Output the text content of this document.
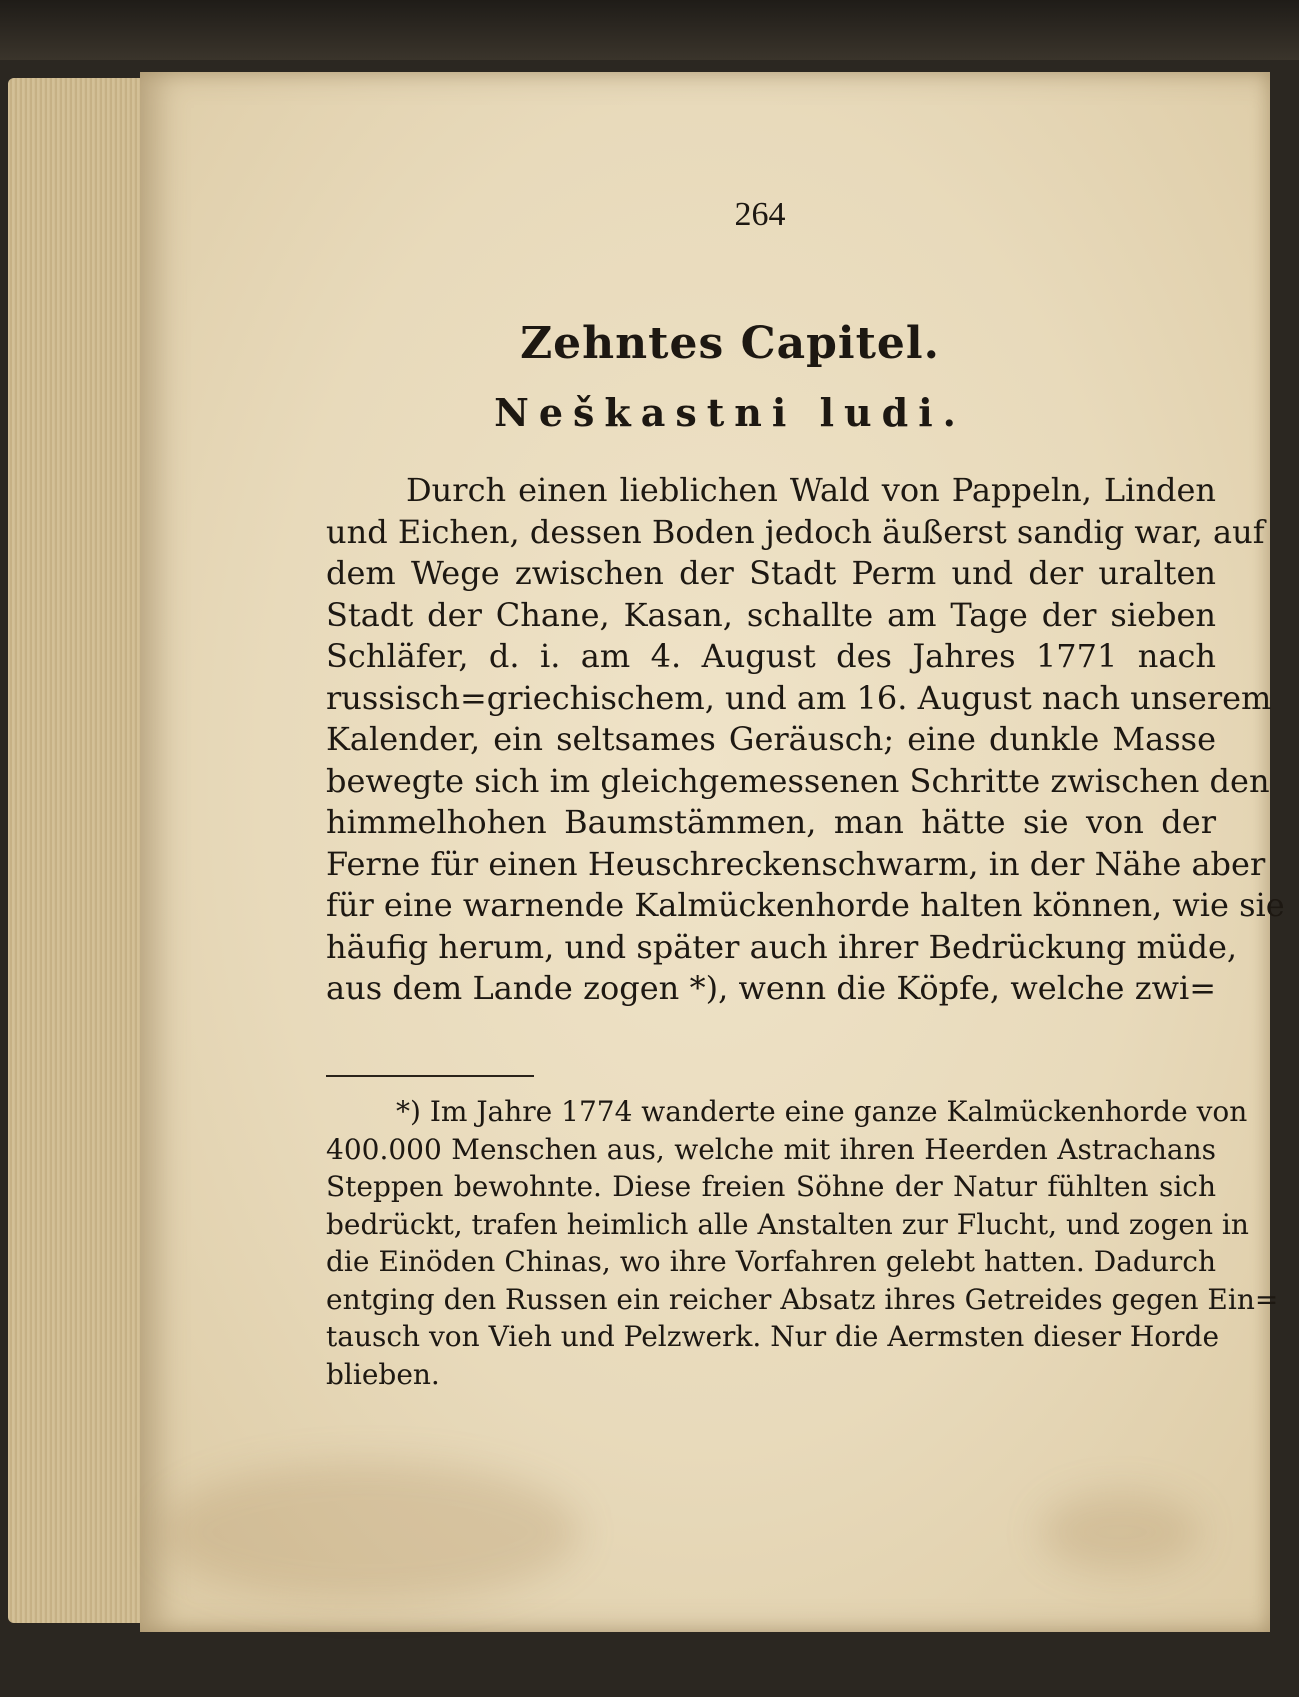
264
Zehntes Capitel.
Neškastni ludi.
Durch einen lieblichen Wald von Pappeln, Linden
und Eichen, dessen Boden jedoch äußerst sandig war, auf
dem Wege zwischen der Stadt Perm und der uralten
Stadt der Chane, Kasan, schallte am Tage der sieben
Schläfer, d. i. am 4. August des Jahres 1771 nach
russisch=griechischem, und am 16. August nach unserem
Kalender, ein seltsames Geräusch; eine dunkle Masse
bewegte sich im gleichgemessenen Schritte zwischen den
himmelhohen Baumstämmen, man hätte sie von der
Ferne für einen Heuschreckenschwarm, in der Nähe aber
für eine warnende Kalmückenhorde halten können, wie sie
häufig herum, und später auch ihrer Bedrückung müde,
aus dem Lande zogen *), wenn die Köpfe, welche zwi=
*) Im Jahre 1774 wanderte eine ganze Kalmückenhorde von
400.000 Menschen aus, welche mit ihren Heerden Astrachans
Steppen bewohnte. Diese freien Söhne der Natur fühlten sich
bedrückt, trafen heimlich alle Anstalten zur Flucht, und zogen in
die Einöden Chinas, wo ihre Vorfahren gelebt hatten. Dadurch
entging den Russen ein reicher Absatz ihres Getreides gegen Ein=
tausch von Vieh und Pelzwerk. Nur die Aermsten dieser Horde
blieben.
